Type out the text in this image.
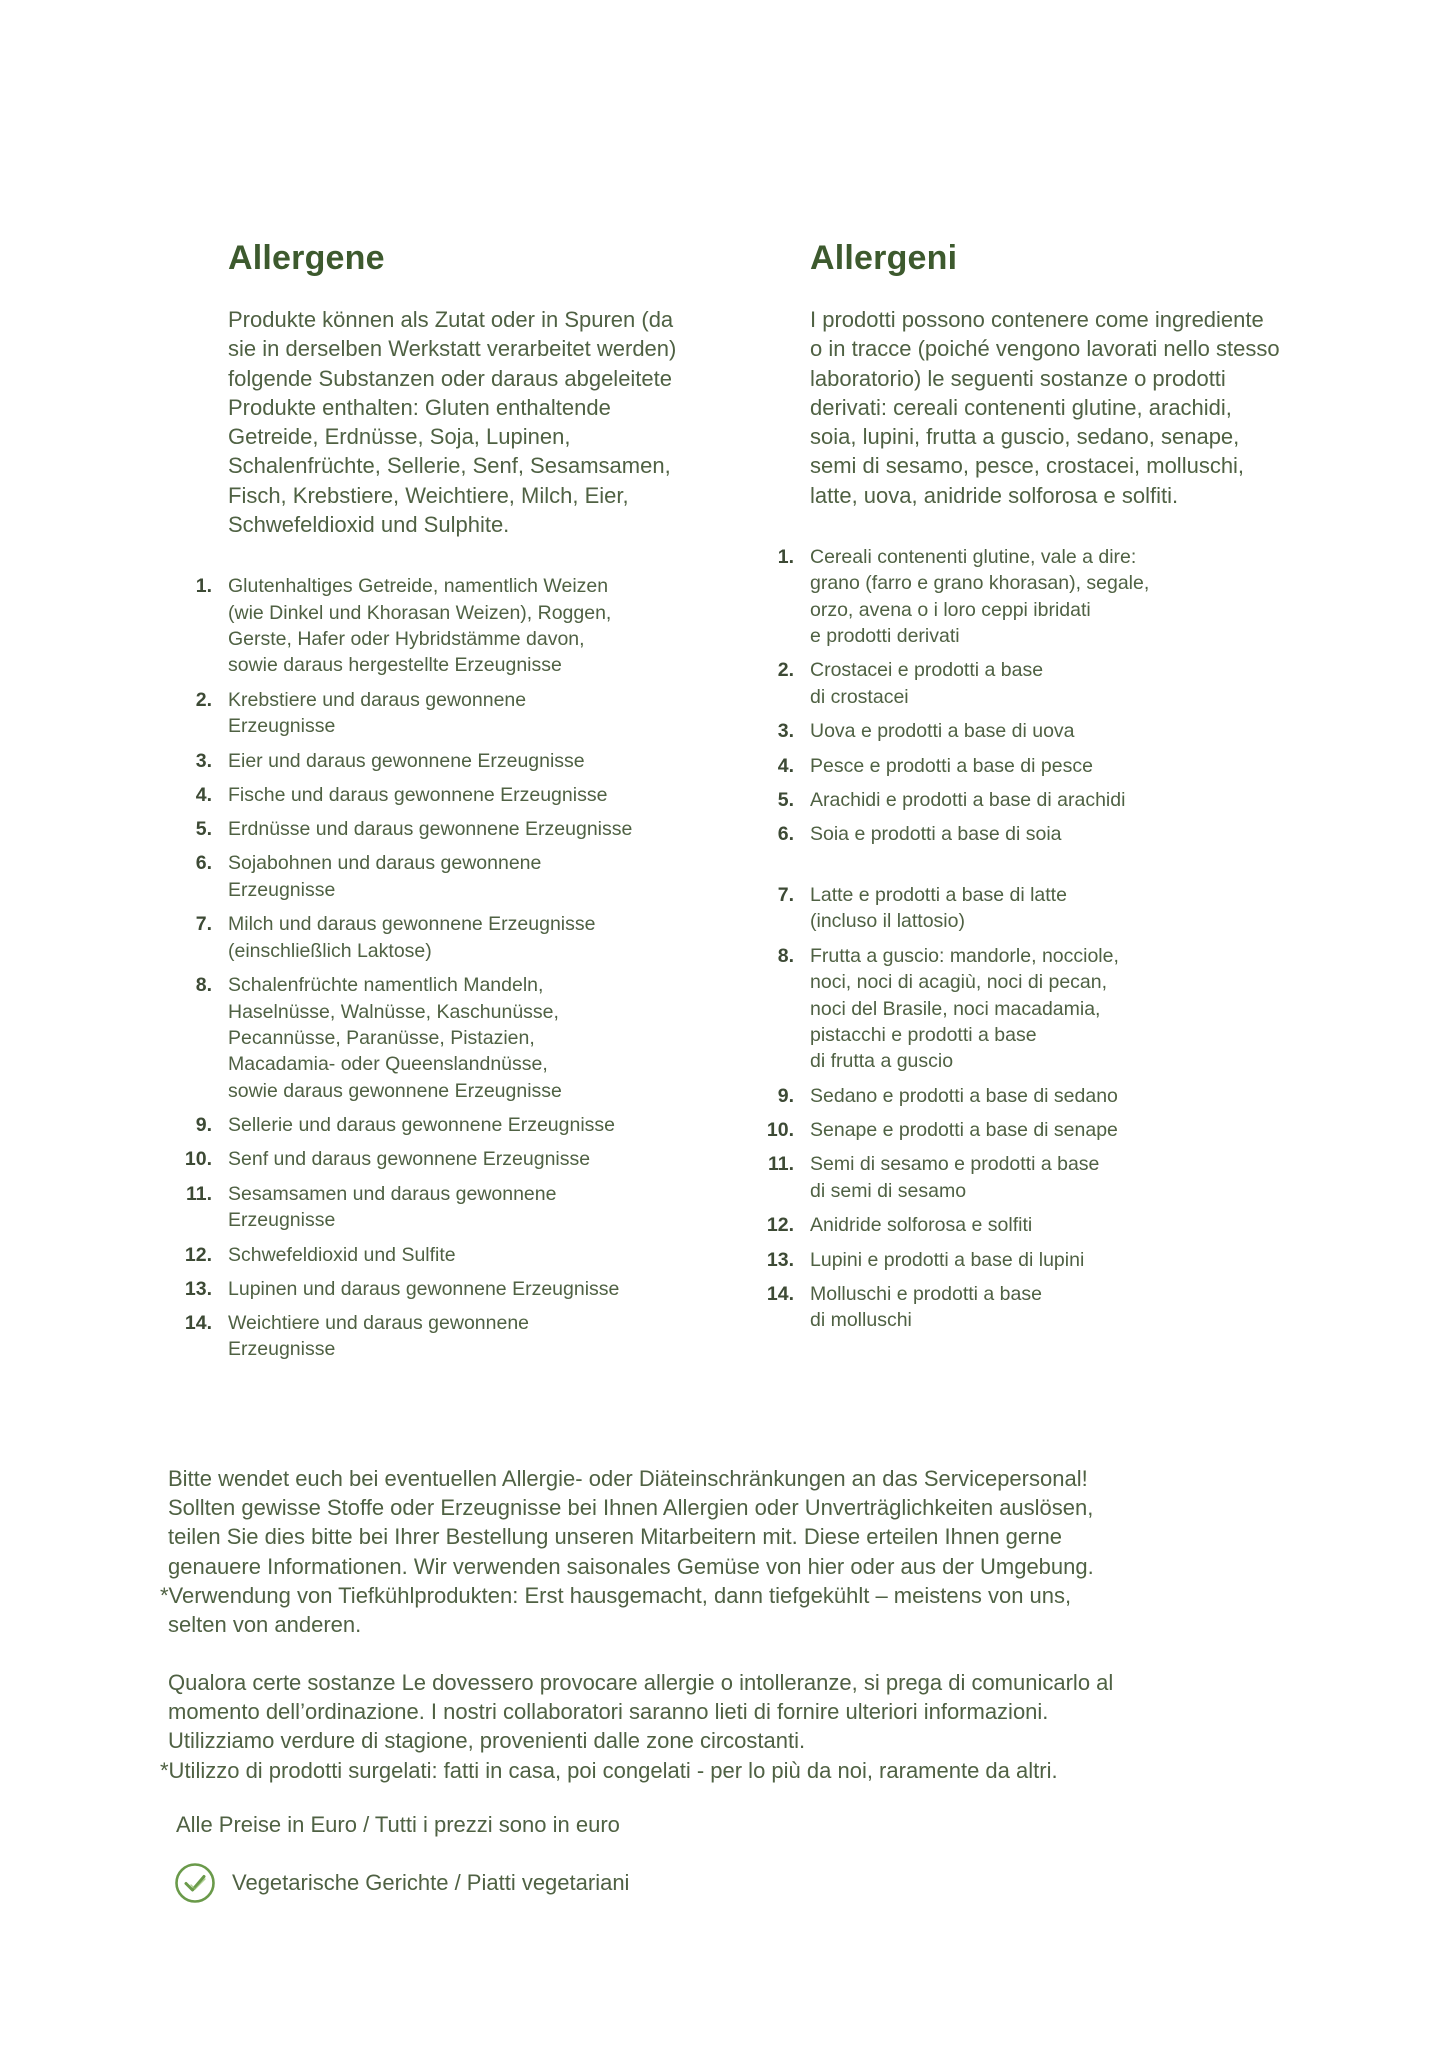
Allergene
Produkte können als Zutat oder in Spuren (da sie in derselben Werkstatt verarbeitet werden) folgende Substanzen oder daraus abgeleitete Produkte enthalten: Gluten enthaltende Getreide, Erdnüsse, Soja, Lupinen, Schalenfrüchte, Sellerie, Senf, Sesamsamen, Fisch, Krebstiere, Weichtiere, Milch, Eier, Schwefeldioxid und Sulphite.
1. Glutenhaltiges Getreide, namentlich Weizen
(wie Dinkel und Khorasan Weizen), Roggen,
Gerste, Hafer oder Hybridstämme davon,
sowie daraus hergestellte Erzeugnisse
2. Krebstiere und daraus gewonnene
Erzeugnisse
3. Eier und daraus gewonnene Erzeugnisse
4. Fische und daraus gewonnene Erzeugnisse
5. Erdnüsse und daraus gewonnene Erzeugnisse
6. Sojabohnen und daraus gewonnene
Erzeugnisse
7. Milch und daraus gewonnene Erzeugnisse
(einschließlich Laktose)
8. Schalenfrüchte namentlich Mandeln,
Haselnüsse, Walnüsse, Kaschunüsse,
Pecannüsse, Paranüsse, Pistazien,
Macadamia- oder Queenslandnüsse,
sowie daraus gewonnene Erzeugnisse
9. Sellerie und daraus gewonnene Erzeugnisse
10. Senf und daraus gewonnene Erzeugnisse
11. Sesamsamen und daraus gewonnene
Erzeugnisse
12. Schwefeldioxid und Sulfite
13. Lupinen und daraus gewonnene Erzeugnisse
14. Weichtiere und daraus gewonnene
Erzeugnisse
Allergeni
I prodotti possono contenere come ingrediente o in tracce (poiché vengono lavorati nello stesso laboratorio) le seguenti sostanze o prodotti derivati: cereali contenenti glutine, arachidi, soia, lupini, frutta a guscio, sedano, senape, semi di sesamo, pesce, crostacei, molluschi, latte, uova, anidride solforosa e solfiti.
1. Cereali contenenti glutine, vale a dire:
grano (farro e grano khorasan), segale,
orzo, avena o i loro ceppi ibridati
e prodotti derivati
2. Crostacei e prodotti a base
di crostacei
3. Uova e prodotti a base di uova
4. Pesce e prodotti a base di pesce
5. Arachidi e prodotti a base di arachidi
6. Soia e prodotti a base di soia

7. Latte e prodotti a base di latte
(incluso il lattosio)
8. Frutta a guscio: mandorle, nocciole,
noci, noci di acagiù, noci di pecan,
noci del Brasile, noci macadamia,
pistacchi e prodotti a base
di frutta a guscio
9. Sedano e prodotti a base di sedano
10. Senape e prodotti a base di senape
11. Semi di sesamo e prodotti a base
di semi di sesamo
12. Anidride solforosa e solfiti
13. Lupini e prodotti a base di lupini
14. Molluschi e prodotti a base
di molluschi

Bitte wendet euch bei eventuellen Allergie- oder Diäteinschränkungen an das Servicepersonal!

Sollten gewisse Stoffe oder Erzeugnisse bei Ihnen Allergien oder Unverträglichkeiten auslösen,

teilen Sie dies bitte bei Ihrer Bestellung unseren Mitarbeitern mit. Diese erteilen Ihnen gerne

genauere Informationen. Wir verwenden saisonales Gemüse von hier oder aus der Umgebung.

*Verwendung von Tiefkühlprodukten: Erst hausgemacht, dann tiefgekühlt – meistens von uns,

selten von anderen.

Qualora certe sostanze Le dovessero provocare allergie o intolleranze, si prega di comunicarlo al

momento dell’ordinazione. I nostri collaboratori saranno lieti di fornire ulteriori informazioni.

Utilizziamo verdure di stagione, provenienti dalle zone circostanti.

*Utilizzo di prodotti surgelati: fatti in casa, poi congelati - per lo più da noi, raramente da altri.

Alle Preise in Euro / Tutti i prezzi sono in euro
Vegetarische Gerichte / Piatti vegetariani
